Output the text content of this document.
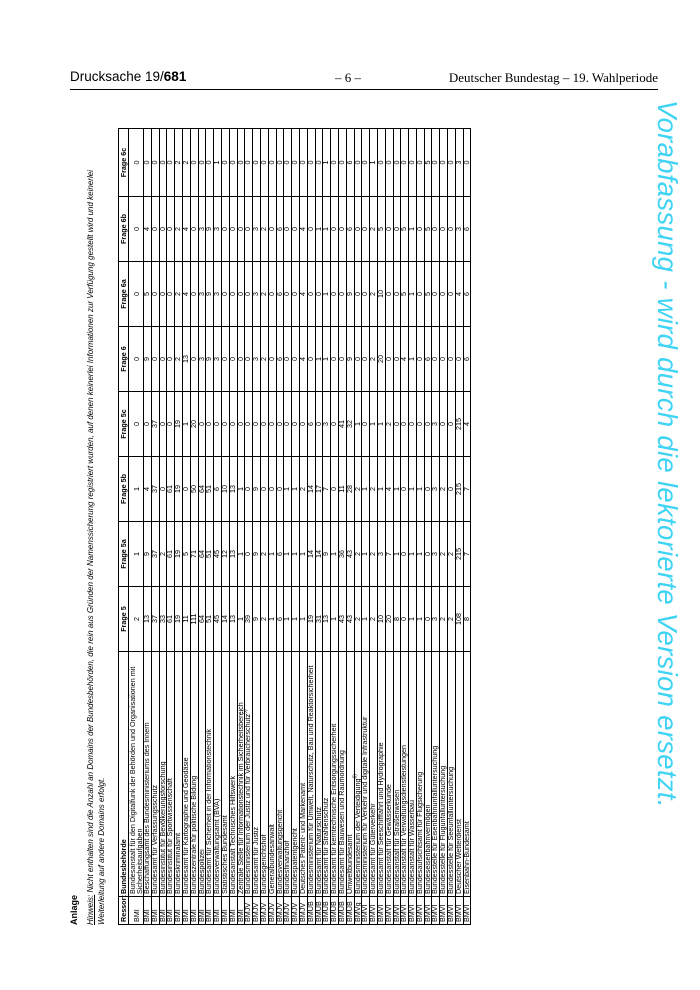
Drucksache 19/681	– 6 –	Deutscher Bundestag – 19. Wahlperiode
Vorabfassung - wird durch die lektorierte Version ersetzt.
Anlage Hinweis: Nicht enthalten sind die Anzahl an Domains der Bundesbehörden, die rein aus Gründen der Namenssicherung registriert wurden, auf denen keinerlei Informationen zur Verfügung gestellt wird und keinerlei Weiterleitung auf andere Domains erfolgt.	Ressort	Bundesbehörde	Frage 5	Frage 5a	Frage 5b	Frage 5c	Frage 6	Frage 6a	Frage 6b	Frage 6c
BMI	Bundesanstalt für den Digitalfunk der Behörden und Organisationen mit Sicherheitsaufgaben	2	1	1	0	0	0	0	0
BMI	Beschaffungsamt des Bundesministeriums des Innern	13	9	4	0	9	5	4	0
BMI	Bundesamt für Verfassungsschutz	37	37	37	37	0	0	0	0
BMI	Bundesinstitut für Bevölkerungsforschung	33	2	0	0	0	0	0	0
BMI	Bundesinstitut für Sportwissenschaft	61	61	61	0	0	0	0	0
BMI	Bundeskriminalamt	19	19	19	19	2	2	2	2
BMI	Bundesamt für Kartographie und Geodäsie	11	5	0	1	13	4	4	2
BMI	Bundeszentrale für politische Bildung	111	71	50	20	0	0	0	0
BMI	Bundespolizei	64	64	64	0	3	3	3	0
BMI	Bundesamt für Sicherheit in der Informationstechnik	51	51	51	0	9	9	9	0
BMI	Bundesverwaltungsamt (BVA)	45	45	6	0	3	3	3	1
BMI	Statistisches Bundesamt	14	12	10	0	0	0	0	0
BMI	Bundesanstalt Technisches Hilfswerk	13	13	13	0	0	0	0	0
BMI	Zentrale Stelle für Informationstechnik im Sicherheitsbereich	1	1	1	0	0	0	0	0
BMJV	Bundesministerium der Justiz und für Verbraucherschutz$^{5)}$	39	0	0	0	0	0	0	0
BMJV	Bundesamt für Justiz	9	9	9	0	3	3	3	0
BMJV	Bundesgerichtshof	2	2	0	0	2	2	2	0
BMJV	Generalbundesanwalt	1	1	0	0	0	0	0	0
BMJV	Bundesverwaltungsgericht	6	6	0	0	6	6	6	0
BMJV	Bundesfinanzhof	1	1	1	0	0	0	0	0
BMJV	Bundespatentgericht	1	1	1	0	0	0	0	0
BMJV	Deutsches Patent- und Markenamt	1	1	2	0	4	4	4	0
BMUB	Bundesministerium für Umwelt, Naturschutz, Bau und Reaktorsicherheit	19	14	14	6	0	0	0	0
BMUB	Bundesamt für Naturschutz	31	14	17	0	1	0	1	0
BMUB	Bundesamt für Strahlenschutz	13	9	7	3	1	1	1	1
BMUB	Bundesamt für kerntechnische Entsorgungssicherheit	1	1	0	0	0	0	0	0
BMUB	Bundesamt für Bauwesen und Raumordnung	43	36	11	41	0	0	0	0
BMUB	Umweltbundesamt	43	43	28	32	9	9	6	6
BMVg	Bundesministerium der Verteidigung$^{6)}$	2	2	2	1	0	0	0	0
BMVI	Bundesministerium für Verkehr und digitale Infrastruktur	1	1	1	0	0	0	0	0
BMVI	Bundesamt für Güterverkehr	2	2	2	1	2	2	2	1
BMVI	Bundesamt für Seeschifffahrt und Hydrographie	10	3	1	1	20	10	5	0
BMVI	Bundesanstalt für Gewässerkunde	20	7	4	2	0	0	0	0
BMVI	Bundesanstalt für Straßenwesen	8	1	1	0	0	0	0	0
BMVI	Bundesanstalt für Verwaltungsdienstleistungen	0	0	0	0	4	5	5	0
BMVI	Bundesanstalt für Wasserbau	1	1	1	0	1	1	1	0
BMVI	Bundesaufsichtsamt für Flugsicherung	1	1	1	0	0	0	0	0
BMVI	Bundeseisenbahnvermögen	0	0	0	0	6	5	5	5
BMVI	Bundesstelle für Eisenbahnunfalluntersuchung	3	3	3	3	0	0	0	0
BMVI	Bundesstelle für Flugunfalluntersuchung	2	2	2	0	0	0	0	0
BMVI	Bundesstelle für Seeunfalluntersuchung	2	2	0	0	0	0	0	0
BMVI	Deutscher Wetterdienst	108	215	215	215	0	4	3	3
BMVI	Eisenbahn-Bundesamt	8	7	7	4	6	6	6	0
